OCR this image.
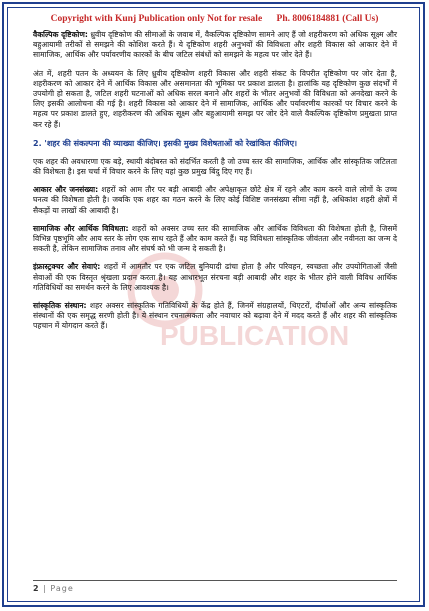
Copyright with Kunj Publication only Not for resale Ph. 8006184881 (Call Us)
PUBLICATION

वैकल्पिक दृष्टिकोण: ध्रुवीय दृष्टिकोण की सीमाओं के जवाब में, वैकल्पिक दृष्टिकोण सामने आए हैं जो शहरीकरण को अधिक सूक्ष्म और बहुआयामी तरीकों से समझने की कोशिश करते हैं। ये दृष्टिकोण शहरी अनुभवों की विविधता और शहरी विकास को आकार देने में सामाजिक, आर्थिक और पर्यावरणीय कारकों के बीच जटिल संबंधों को समझने के महत्व पर जोर देते हैं।

अंत में, शहरी पतन के अध्ययन के लिए ध्रुवीय दृष्टिकोण शहरी विकास और शहरी संकट के विपरीत दृष्टिकोण पर जोर देता है, शहरीकरण को आकार देने में आर्थिक विकास और असमानता की भूमिका पर प्रकाश डालता है। हालांकि यह दृष्टिकोण कुछ संदर्भों में उपयोगी हो सकता है, जटिल शहरी घटनाओं को अधिक सरल बनाने और शहरों के भीतर अनुभवों की विविधता को अनदेखा करने के लिए इसकी आलोचना की गई है। शहरी विकास को आकार देने में सामाजिक, आर्थिक और पर्यावरणीय कारकों पर विचार करने के महत्व पर प्रकाश डालते हुए, शहरीकरण की अधिक सूक्ष्म और बहुआयामी समझ पर जोर देने वाले वैकल्पिक दृष्टिकोण प्रमुखता प्राप्त कर रहे हैं।

2. 'शहर की संकल्पना की व्याख्या कीजिए। इसकी मुख्य विशेषताओं को रेखांकित कीजिए।

एक शहर की अवधारणा एक बड़े, स्थायी बंदोबस्त को संदर्भित करती है जो उच्च स्तर की सामाजिक, आर्थिक और सांस्कृतिक जटिलता की विशेषता है। इस चर्चा में विचार करने के लिए यहां कुछ प्रमुख बिंदु दिए गए हैं।

आकार और जनसंख्या: शहरों को आम तौर पर बड़ी आबादी और अपेक्षाकृत छोटे क्षेत्र में रहने और काम करने वाले लोगों के उच्च घनत्व की विशेषता होती है। जबकि एक शहर का गठन करने के लिए कोई विशिष्ट जनसंख्या सीमा नहीं है, अधिकांश शहरी क्षेत्रों में सैकड़ों या लाखों की आबादी है।

सामाजिक और आर्थिक विविधता: शहरों को अक्सर उच्च स्तर की सामाजिक और आर्थिक विविधता की विशेषता होती है, जिसमें विभिन्न पृष्ठभूमि और आय स्तर के लोग एक साथ रहते हैं और काम करते हैं। यह विविधता सांस्कृतिक जीवंतता और नवीनता का जन्म दे सकती है, लेकिन सामाजिक तनाव और संघर्ष को भी जन्म दे सकती है।

इंफ्रास्ट्रक्चर और सेवाएं: शहरों में आमतौर पर एक जटिल बुनियादी ढांचा होता है और परिवहन, स्वच्छता और उपयोगिताओं जैसी सेवाओं की एक विस्तृत श्रृंखला प्रदान करता है। यह आधारभूत संरचना बड़ी आबादी और शहर के भीतर होने वाली विविध आर्थिक गतिविधियों का समर्थन करने के लिए आवश्यक है।

सांस्कृतिक संस्थान: शहर अक्सर सांस्कृतिक गतिविधियों के केंद्र होते हैं, जिनमें संग्रहालयों, थिएटरों, दीर्घाओं और अन्य सांस्कृतिक संस्थानों की एक समृद्ध सरणी होती है। ये संस्थान रचनात्मकता और नवाचार को बढ़ावा देने में मदद करते हैं और शहर की सांस्कृतिक पहचान में योगदान करते हैं।

2 | Page
